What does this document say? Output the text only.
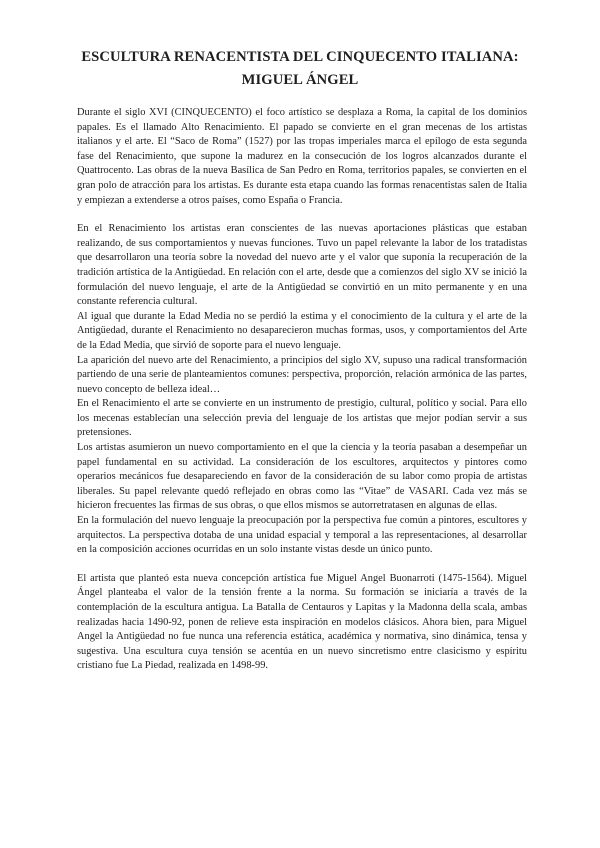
ESCULTURA RENACENTISTA DEL CINQUECENTO ITALIANA:
MIGUEL ÁNGEL

Durante el siglo XVI (CINQUECENTO) el foco artístico se desplaza a Roma, la capital de los dominios papales. Es el llamado Alto Renacimiento. El papado se convierte en el gran mecenas de los artistas italianos y el arte. El “Saco de Roma” (1527) por las tropas imperiales marca el epílogo de esta segunda fase del Renacimiento, que supone la madurez en la consecución de los logros alcanzados durante el Quattrocento. Las obras de la nueva Basílica de San Pedro en Roma, territorios papales, se convierten en el gran polo de atracción para los artistas. Es durante esta etapa cuando las formas renacentistas salen de Italia y empiezan a extenderse a otros países, como España o Francia.

En el Renacimiento los artistas eran conscientes de las nuevas aportaciones plásticas que estaban realizando, de sus comportamientos y nuevas funciones. Tuvo un papel relevante la labor de los tratadistas que desarrollaron una teoría sobre la novedad del nuevo arte y el valor que suponía la recuperación de la tradición artística de la Antigüedad. En relación con el arte, desde que a comienzos del siglo XV se inició la formulación del nuevo lenguaje, el arte de la Antigüedad se convirtió en un mito permanente y en una constante referencia cultural.

Al igual que durante la Edad Media no se perdió la estima y el conocimiento de la cultura y el arte de la Antigüedad, durante el Renacimiento no desaparecieron muchas formas, usos, y comportamientos del Arte de la Edad Media, que sirvió de soporte para el nuevo lenguaje.

La aparición del nuevo arte del Renacimiento, a principios del siglo XV, supuso una radical transformación partiendo de una serie de planteamientos comunes: perspectiva, proporción, relación armónica de las partes, nuevo concepto de belleza ideal…

En el Renacimiento el arte se convierte en un instrumento de prestigio, cultural, político y social. Para ello los mecenas establecían una selección previa del lenguaje de los artistas que mejor podían servir a sus pretensiones.

Los artistas asumieron un nuevo comportamiento en el que la ciencia y la teoría pasaban a desempeñar un papel fundamental en su actividad. La consideración de los escultores, arquitectos y pintores como operarios mecánicos fue desapareciendo en favor de la consideración de su labor como propia de artistas liberales. Su papel relevante quedó reflejado en obras como las “Vitae” de VASARI. Cada vez más se hicieron frecuentes las firmas de sus obras, o que ellos mismos se autorretratasen en algunas de ellas.

En la formulación del nuevo lenguaje la preocupación por la perspectiva fue común a pintores, escultores y arquitectos. La perspectiva dotaba de una unidad espacial y temporal a las representaciones, al desarrollar en la composición acciones ocurridas en un solo instante vistas desde un único punto.

El artista que planteó esta nueva concepción artística fue Miguel Angel Buonarroti (1475-1564). Miguel Ángel planteaba el valor de la tensión frente a la norma. Su formación se iniciaría a través de la contemplación de la escultura antigua. La Batalla de Centauros y Lapitas y la Madonna della scala, ambas realizadas hacia 1490-92, ponen de relieve esta inspiración en modelos clásicos. Ahora bien, para Miguel Angel la Antigüedad no fue nunca una referencia estática, académica y normativa, sino dinámica, tensa y sugestiva. Una escultura cuya tensión se acentúa en un nuevo sincretismo entre clasicismo y espíritu cristiano fue La Piedad, realizada en 1498-99.
